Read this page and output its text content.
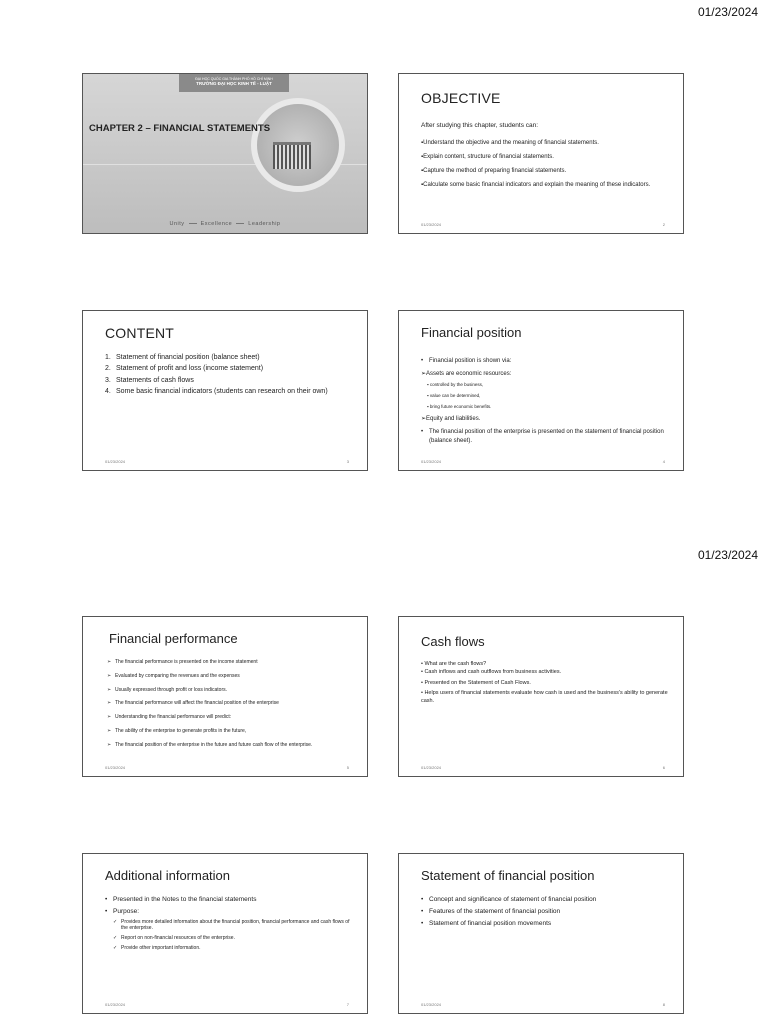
01/23/2024
ĐẠI HỌC QUỐC GIA THÀNH PHỐ HỒ CHÍ MINH
TRƯỜNG ĐẠI HỌC KINH TẾ - LUẬT
CHAPTER 2 – FINANCIAL STATEMENTS
Unity	Excellence	Leadership
OBJECTIVE
After studying this chapter, students can:
▪Understand the objective and the meaning of financial statements.
▪Explain content, structure of financial statements.
▪Capture the method of preparing financial statements.
▪Calculate some basic financial indicators and explain the meaning of these indicators.
01/23/2024	2
CONTENT
1. Statement of financial position (balance sheet)
2. Statement of profit and loss (income statement)
3. Statements of cash flows
4. Some basic financial indicators (students can research on their own)
01/23/2024	3
Financial position
• Financial position is shown via:
➢Assets are economic resources:
▪ controlled by the business,
▪ value can be determined,
▪ bring future economic benefits.
➢Equity and liabilities.
• The financial position of the enterprise is presented on the statement of financial position (balance sheet).
01/23/2024	4
01/23/2024
Financial performance
➢ The financial performance is presented on the income statement
➢ Evaluated by comparing the revenues and the expenses
➢ Usually expressed through profit or loss indicators.
➢ The financial performance will affect the financial position of the enterprise
➢ Understanding the financial performance will predict:
➢ The ability of the enterprise to generate profits in the future,
➢ The financial position of the enterprise in the future and future cash flow of the enterprise.
01/23/2024	5
Cash flows
• What are the cash flows?
• Cash inflows and cash outflows from business activities.
• Presented on the Statement of Cash Flows.
• Helps users of financial statements evaluate how cash is used and the business's ability to generate cash.
01/23/2024	6
Additional information
• Presented in the Notes to the financial statements
• Purpose:
✓ Provides more detailed information about the financial position, financial performance and cash flows of the enterprise.
✓ Report on non-financial resources of the enterprise.
✓ Provide other important information.
01/23/2024	7
Statement of financial position
• Concept and significance of statement of financial position
• Features of the statement of financial position
• Statement of financial position movements
01/23/2024	8
